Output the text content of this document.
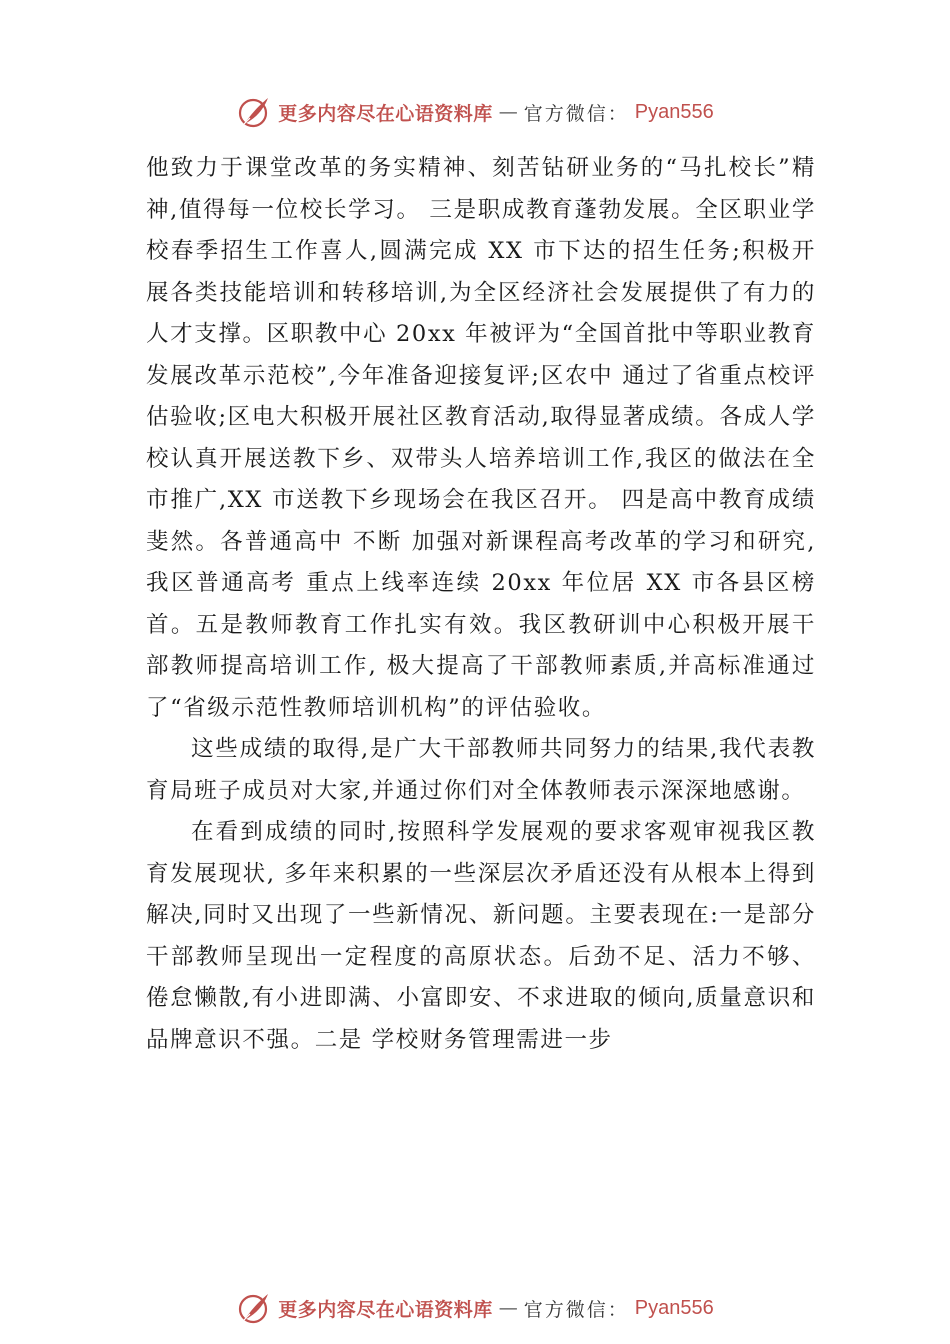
更多内容尽在心语资料库 — 官方微信： Pyan556

他致力于课堂改革的务实精神、刻苦钻研业务的“马扎校长”精神,值得每一位校长学习。 三是职成教育蓬勃发展。全区职业学校春季招生工作喜人,圆满完成 XX 市下达的招生任务;积极开展各类技能培训和转移培训,为全区经济社会发展提供了有力的人才支撑。区职教中心 20xx 年被评为“全国首批中等职业教育发展改革示范校”,今年准备迎接复评;区农中 通过了省重点校评估验收;区电大积极开展社区教育活动,取得显著成绩。各成人学校认真开展送教下乡、双带头人培养培训工作,我区的做法在全市推广,XX 市送教下乡现场会在我区召开。 四是高中教育成绩斐然。各普通高中 不断 加强对新课程高考改革的学习和研究,我区普通高考 重点上线率连续 20xx 年位居 XX 市各县区榜首。五是教师教育工作扎实有效。我区教研训中心积极开展干部教师提高培训工作, 极大提高了干部教师素质,并高标准通过了“省级示范性教师培训机构”的评估验收。

这些成绩的取得,是广大干部教师共同努力的结果,我代表教育局班子成员对大家,并通过你们对全体教师表示深深地感谢。

在看到成绩的同时,按照科学发展观的要求客观审视我区教育发展现状, 多年来积累的一些深层次矛盾还没有从根本上得到解决,同时又出现了一些新情况、新问题。主要表现在:一是部分干部教师呈现出一定程度的高原状态。后劲不足、活力不够、倦怠懒散,有小进即满、小富即安、不求进取的倾向,质量意识和品牌意识不强。二是 学校财务管理需进一步

更多内容尽在心语资料库 — 官方微信： Pyan556
